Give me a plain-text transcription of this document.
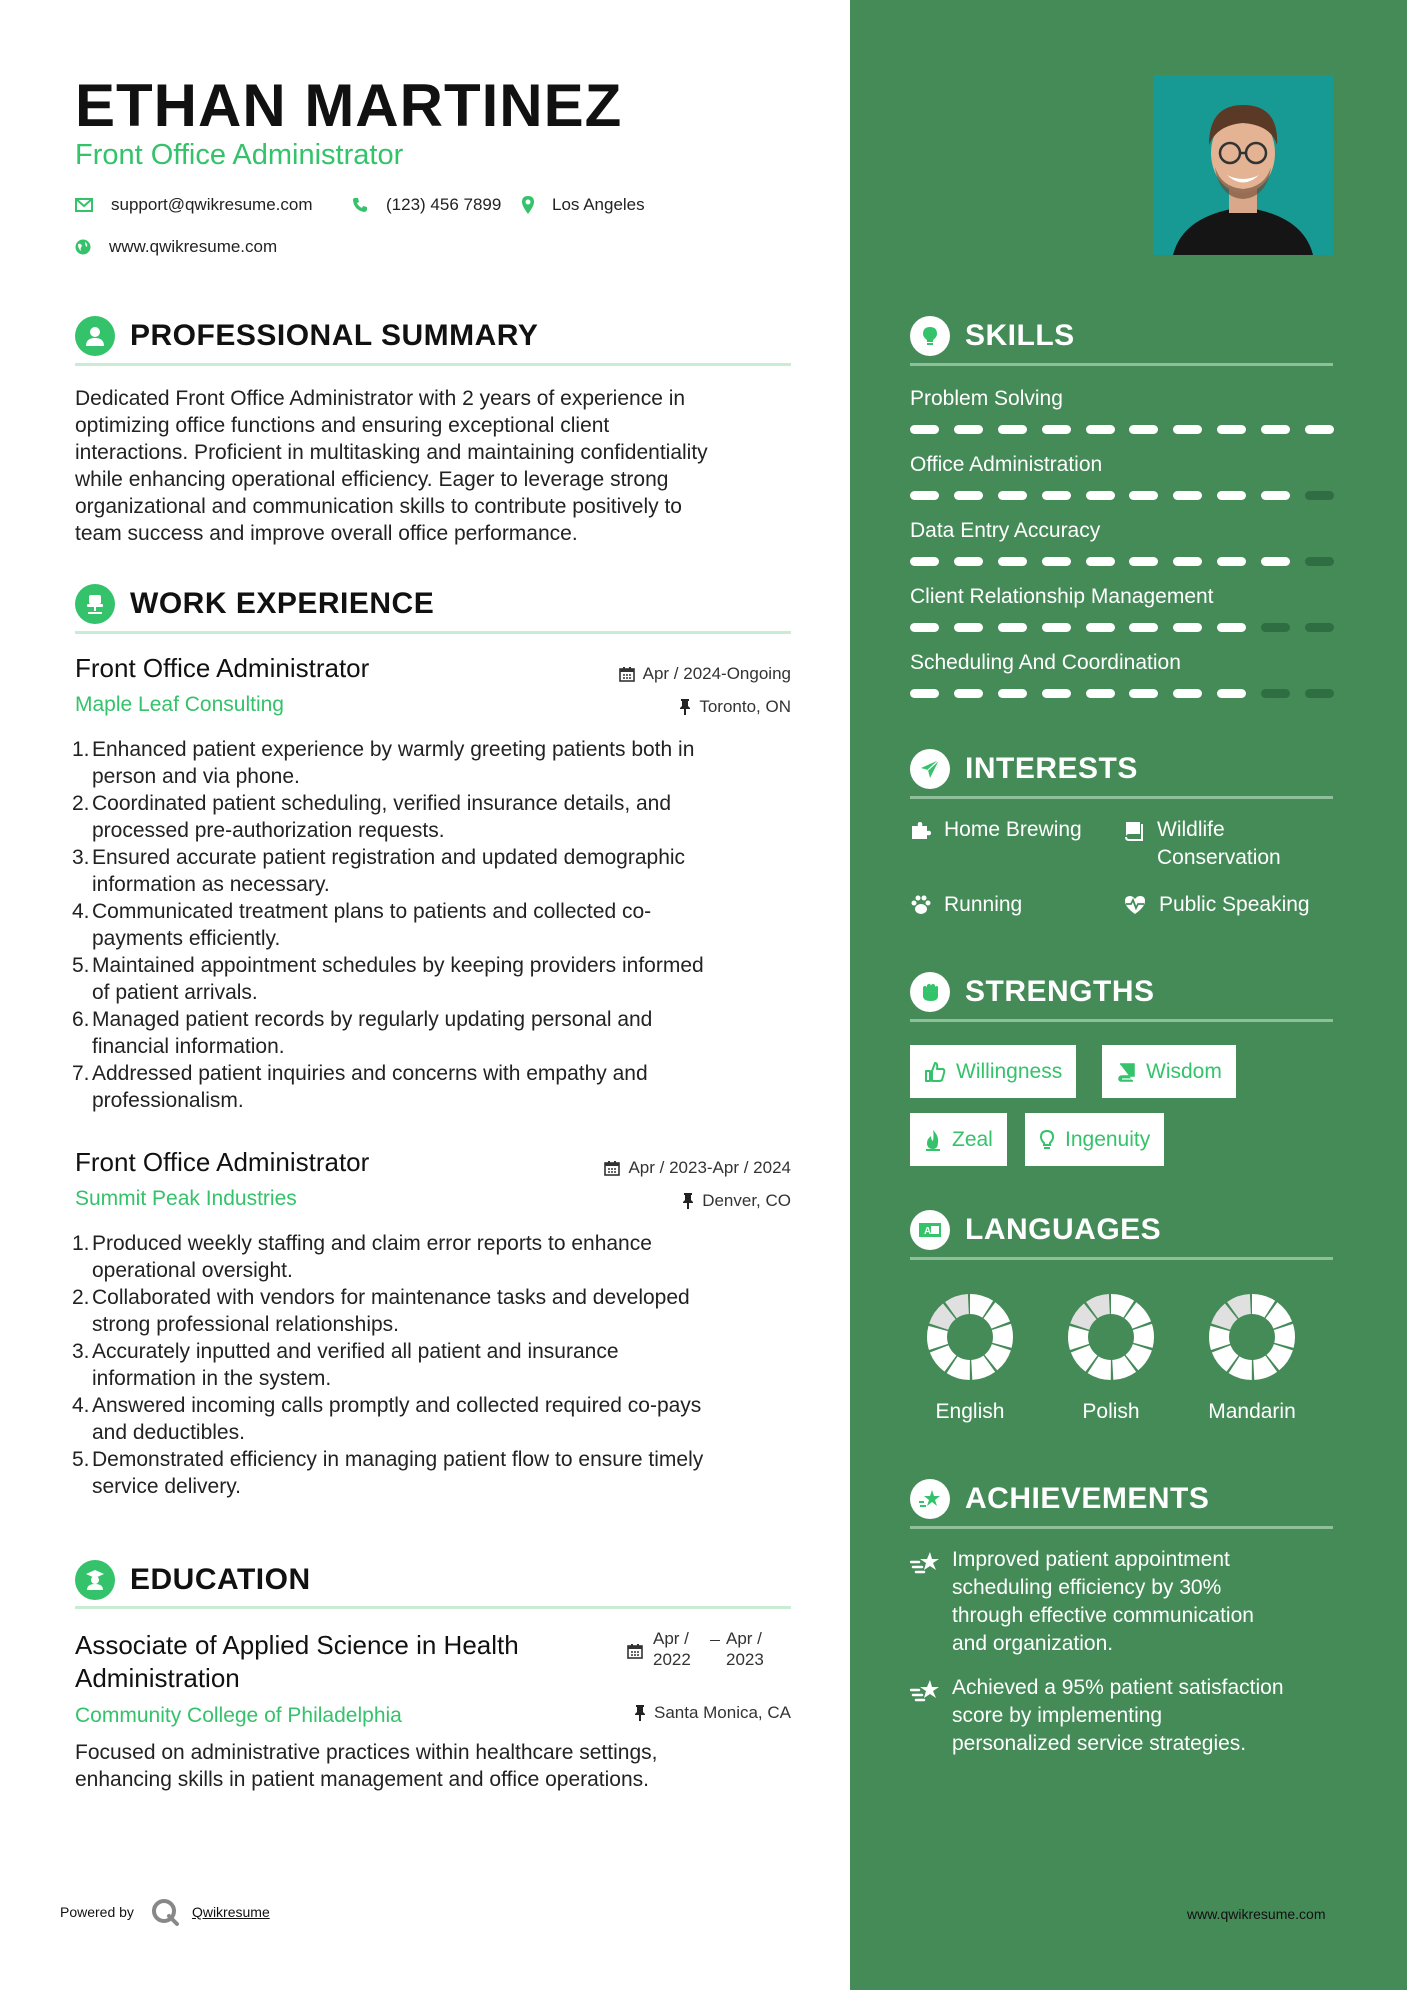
ETHAN MARTINEZ
Front Office Administrator
support@qwikresume.com	(123) 456 7899	Los Angeles
www.qwikresume.com
PROFESSIONAL SUMMARY
Dedicated Front Office Administrator with 2 years of experience in
optimizing office functions and ensuring exceptional client
interactions. Proficient in multitasking and maintaining confidentiality
while enhancing operational efficiency. Eager to leverage strong
organizational and communication skills to contribute positively to
team success and improve overall office performance.
WORK EXPERIENCE
Front Office Administrator	Apr / 2024-Ongoing
Maple Leaf Consulting	Toronto, ON
1. Enhanced patient experience by warmly greeting patients both in
person and via phone.
2. Coordinated patient scheduling, verified insurance details, and
processed pre-authorization requests.
3. Ensured accurate patient registration and updated demographic
information as necessary.
4. Communicated treatment plans to patients and collected co-
payments efficiently.
5. Maintained appointment schedules by keeping providers informed
of patient arrivals.
6. Managed patient records by regularly updating personal and
financial information.
7. Addressed patient inquiries and concerns with empathy and
professionalism.
Front Office Administrator	Apr / 2023-Apr / 2024
Summit Peak Industries	Denver, CO
1. Produced weekly staffing and claim error reports to enhance
operational oversight.
2. Collaborated with vendors for maintenance tasks and developed
strong professional relationships.
3. Accurately inputted and verified all patient and insurance
information in the system.
4. Answered incoming calls promptly and collected required co-pays
and deductibles.
5. Demonstrated efficiency in managing patient flow to ensure timely
service delivery.
EDUCATION
Associate of Applied Science in Health
Administration
Apr /
2022
Apr /
2023
Community College of Philadelphia	Santa Monica, CA
Focused on administrative practices within healthcare settings,
enhancing skills in patient management and office operations.
SKILLS
Problem Solving
Office Administration
Data Entry Accuracy
Client Relationship Management
Scheduling And Coordination
INTERESTS
Home Brewing	Wildlife
Conservation
Running	Public Speaking
STRENGTHS
Willingness	Wisdom
Zeal	Ingenuity
A LANGUAGES
English	Polish	Mandarin
ACHIEVEMENTS
Improved patient appointment
scheduling efficiency by 30%
through effective communication
and organization.
Achieved a 95% patient satisfaction
score by implementing
personalized service strategies.
Powered by	Qwikresume	www.qwikresume.com
